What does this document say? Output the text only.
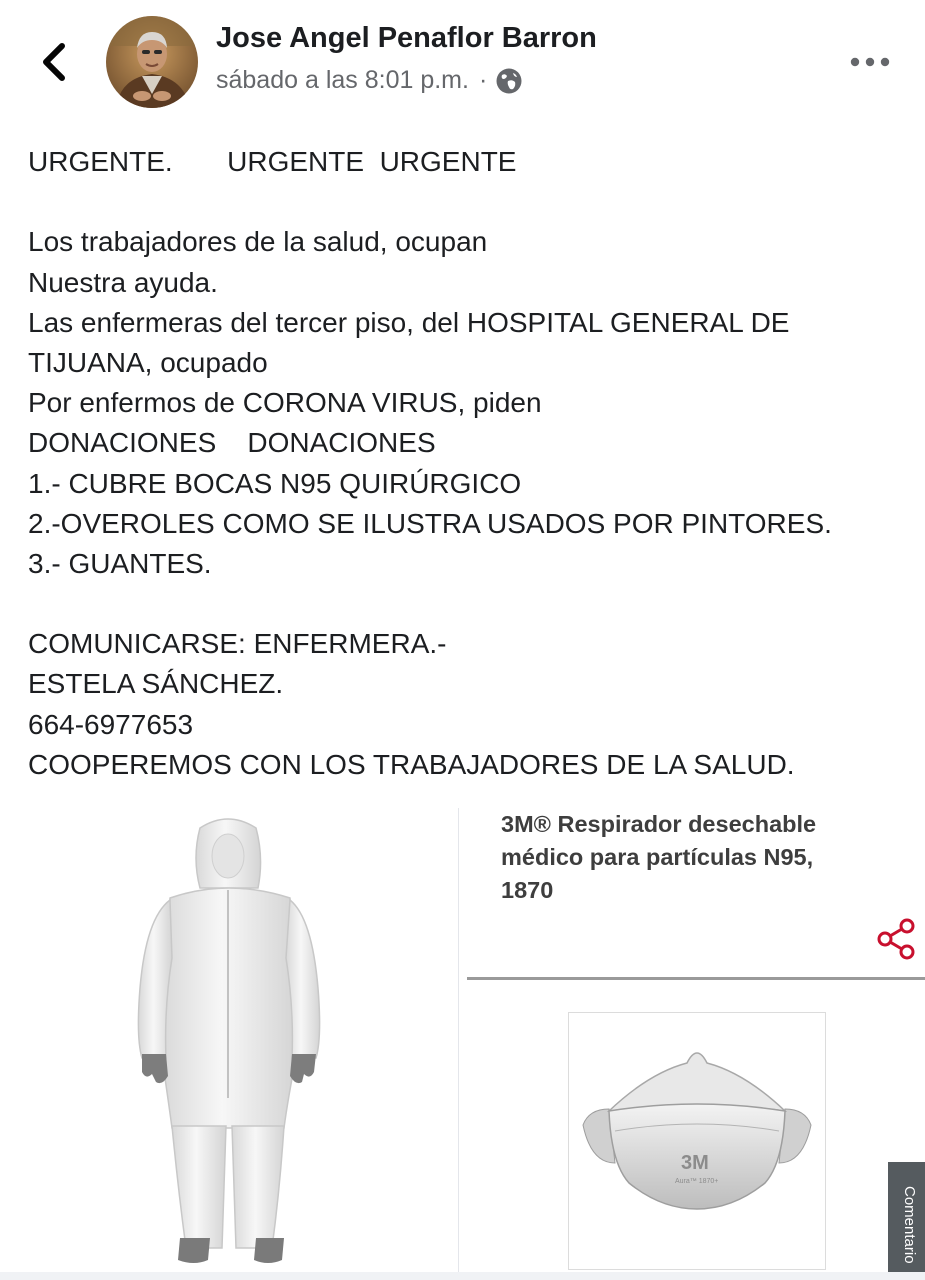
Jose Angel Penaflor Barron
sábado a las 8:01 p.m. ·
URGENTE.       URGENTE  URGENTE
Los trabajadores de la salud, ocupan
Nuestra ayuda.
Las enfermeras del tercer piso, del HOSPITAL GENERAL DE
TIJUANA, ocupado
Por enfermos de CORONA VIRUS, piden
DONACIONES    DONACIONES
1.- CUBRE BOCAS N95 QUIRÚRGICO
2.-OVEROLES COMO SE ILUSTRA USADOS POR PINTORES.
3.- GUANTES.
COMUNICARSE: ENFERMERA.-
ESTELA SÁNCHEZ.
664-6977653
COOPEREMOS CON LOS TRABAJADORES DE LA SALUD.
3M® Respirador desechable
médico para partículas N95,
1870
3M
Aura™ 1870+
Comentario
